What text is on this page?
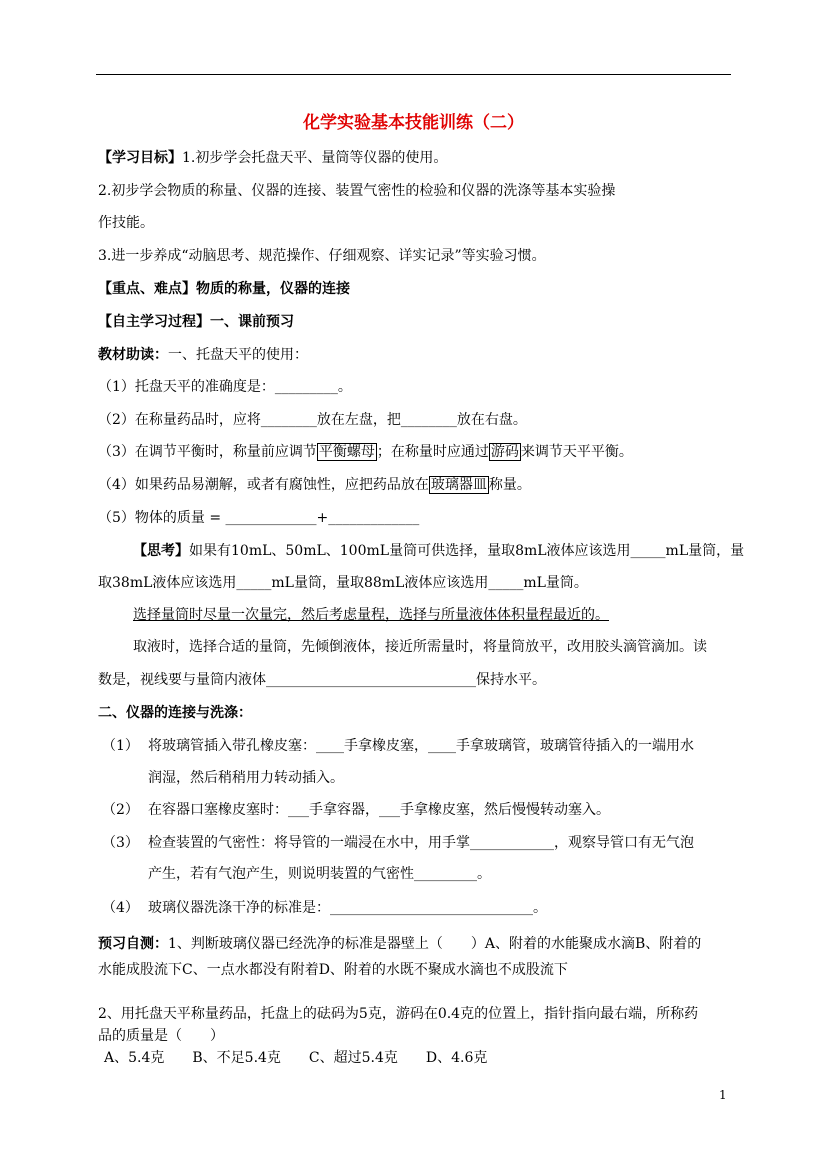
化学实验基本技能训练（二）
【学习目标】1.初步学会托盘天平、量筒等仪器的使用。
2.初步学会物质的称量、仪器的连接、装置气密性的检验和仪器的洗涤等基本实验操
作技能。
3.进一步养成“动脑思考、规范操作、仔细观察、详实记录”等实验习惯。
【重点、难点】物质的称量，仪器的连接
【自主学习过程】一、课前预习
教材助读：一、托盘天平的使用：
（1）托盘天平的准确度是：_________。
（2）在称量药品时，应将________放在左盘，把________放在右盘。
（3）在调节平衡时，称量前应调节 平衡螺母 ；在称量时应通过 游码 来调节天平平衡。
（4）如果药品易潮解，或者有腐蚀性，应把药品放在 玻璃器皿 称量。
（5）物体的质量 = _____________+_____________
【思考】如果有10mL、50mL、100mL量筒可供选择，量取8mL液体应该选用_____mL量筒，量
取38mL液体应该选用_____mL量筒，量取88mL液体应该选用_____mL量筒。
选择量筒时尽量一次量完，然后考虑量程，选择与所量液体体积量程最近的。
取液时，选择合适的量筒，先倾倒液体，接近所需量时，将量筒放平，改用胶头滴管滴加。读
数是，视线要与量筒内液体______________________________保持水平。
二、仪器的连接与洗涤：
（1） 将玻璃管插入带孔橡皮塞：____手拿橡皮塞，____手拿玻璃管，玻璃管待插入的一端用水
润湿，然后稍稍用力转动插入。
（2） 在容器口塞橡皮塞时：___手拿容器，___手拿橡皮塞，然后慢慢转动塞入。
（3） 检查装置的气密性：将导管的一端浸在水中，用手掌____________，观察导管口有无气泡
产生，若有气泡产生，则说明装置的气密性_________。
（4） 玻璃仪器洗涤干净的标准是：_____________________________。
预习自测：1、判断玻璃仪器已经洗净的标准是器壁上（　　）A、附着的水能聚成水滴B、附着的
水能成股流下C、一点水都没有附着D、附着的水既不聚成水滴也不成股流下
2、用托盘天平称量药品，托盘上的砝码为5克，游码在0.4克的位置上，指针指向最右端，所称药
品的质量是（　　）
A、5.4克　　B、不足5.4克　　C、超过5.4克　　D、4.6克
1
